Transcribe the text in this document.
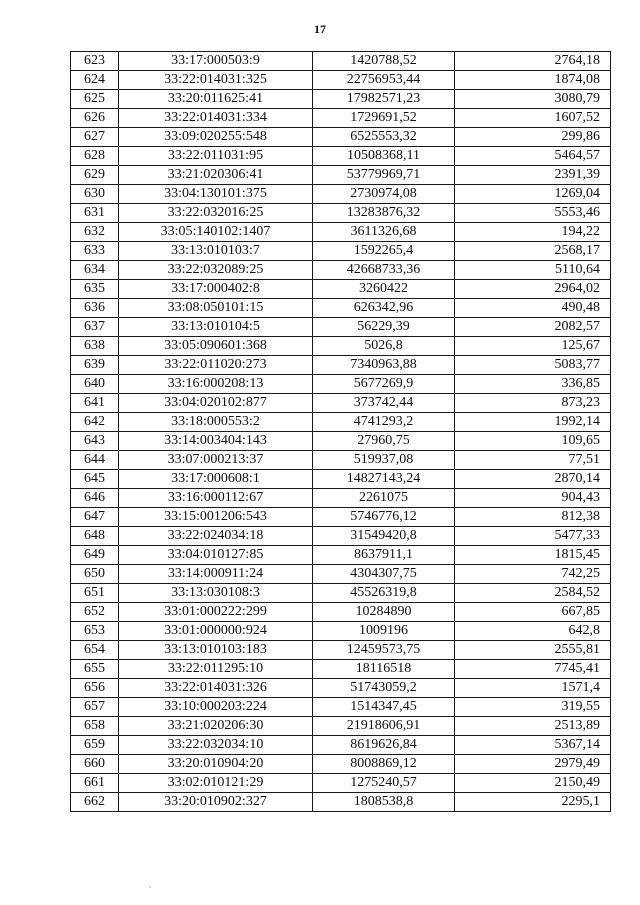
17
623	33:17:000503:9	1420788,52	2764,18
624	33:22:014031:325	22756953,44	1874,08
625	33:20:011625:41	17982571,23	3080,79
626	33:22:014031:334	1729691,52	1607,52
627	33:09:020255:548	6525553,32	299,86
628	33:22:011031:95	10508368,11	5464,57
629	33:21:020306:41	53779969,71	2391,39
630	33:04:130101:375	2730974,08	1269,04
631	33:22:032016:25	13283876,32	5553,46
632	33:05:140102:1407	3611326,68	194,22
633	33:13:010103:7	1592265,4	2568,17
634	33:22:032089:25	42668733,36	5110,64
635	33:17:000402:8	3260422	2964,02
636	33:08:050101:15	626342,96	490,48
637	33:13:010104:5	56229,39	2082,57
638	33:05:090601:368	5026,8	125,67
639	33:22:011020:273	7340963,88	5083,77
640	33:16:000208:13	5677269,9	336,85
641	33:04:020102:877	373742,44	873,23
642	33:18:000553:2	4741293,2	1992,14
643	33:14:003404:143	27960,75	109,65
644	33:07:000213:37	519937,08	77,51
645	33:17:000608:1	14827143,24	2870,14
646	33:16:000112:67	2261075	904,43
647	33:15:001206:543	5746776,12	812,38
648	33:22:024034:18	31549420,8	5477,33
649	33:04:010127:85	8637911,1	1815,45
650	33:14:000911:24	4304307,75	742,25
651	33:13:030108:3	45526319,8	2584,52
652	33:01:000222:299	10284890	667,85
653	33:01:000000:924	1009196	642,8
654	33:13:010103:183	12459573,75	2555,81
655	33:22:011295:10	18116518	7745,41
656	33:22:014031:326	51743059,2	1571,4
657	33:10:000203:224	1514347,45	319,55
658	33:21:020206:30	21918606,91	2513,89
659	33:22:032034:10	8619626,84	5367,14
660	33:20:010904:20	8008869,12	2979,49
661	33:02:010121:29	1275240,57	2150,49
662	33:20:010902:327	1808538,8	2295,1
